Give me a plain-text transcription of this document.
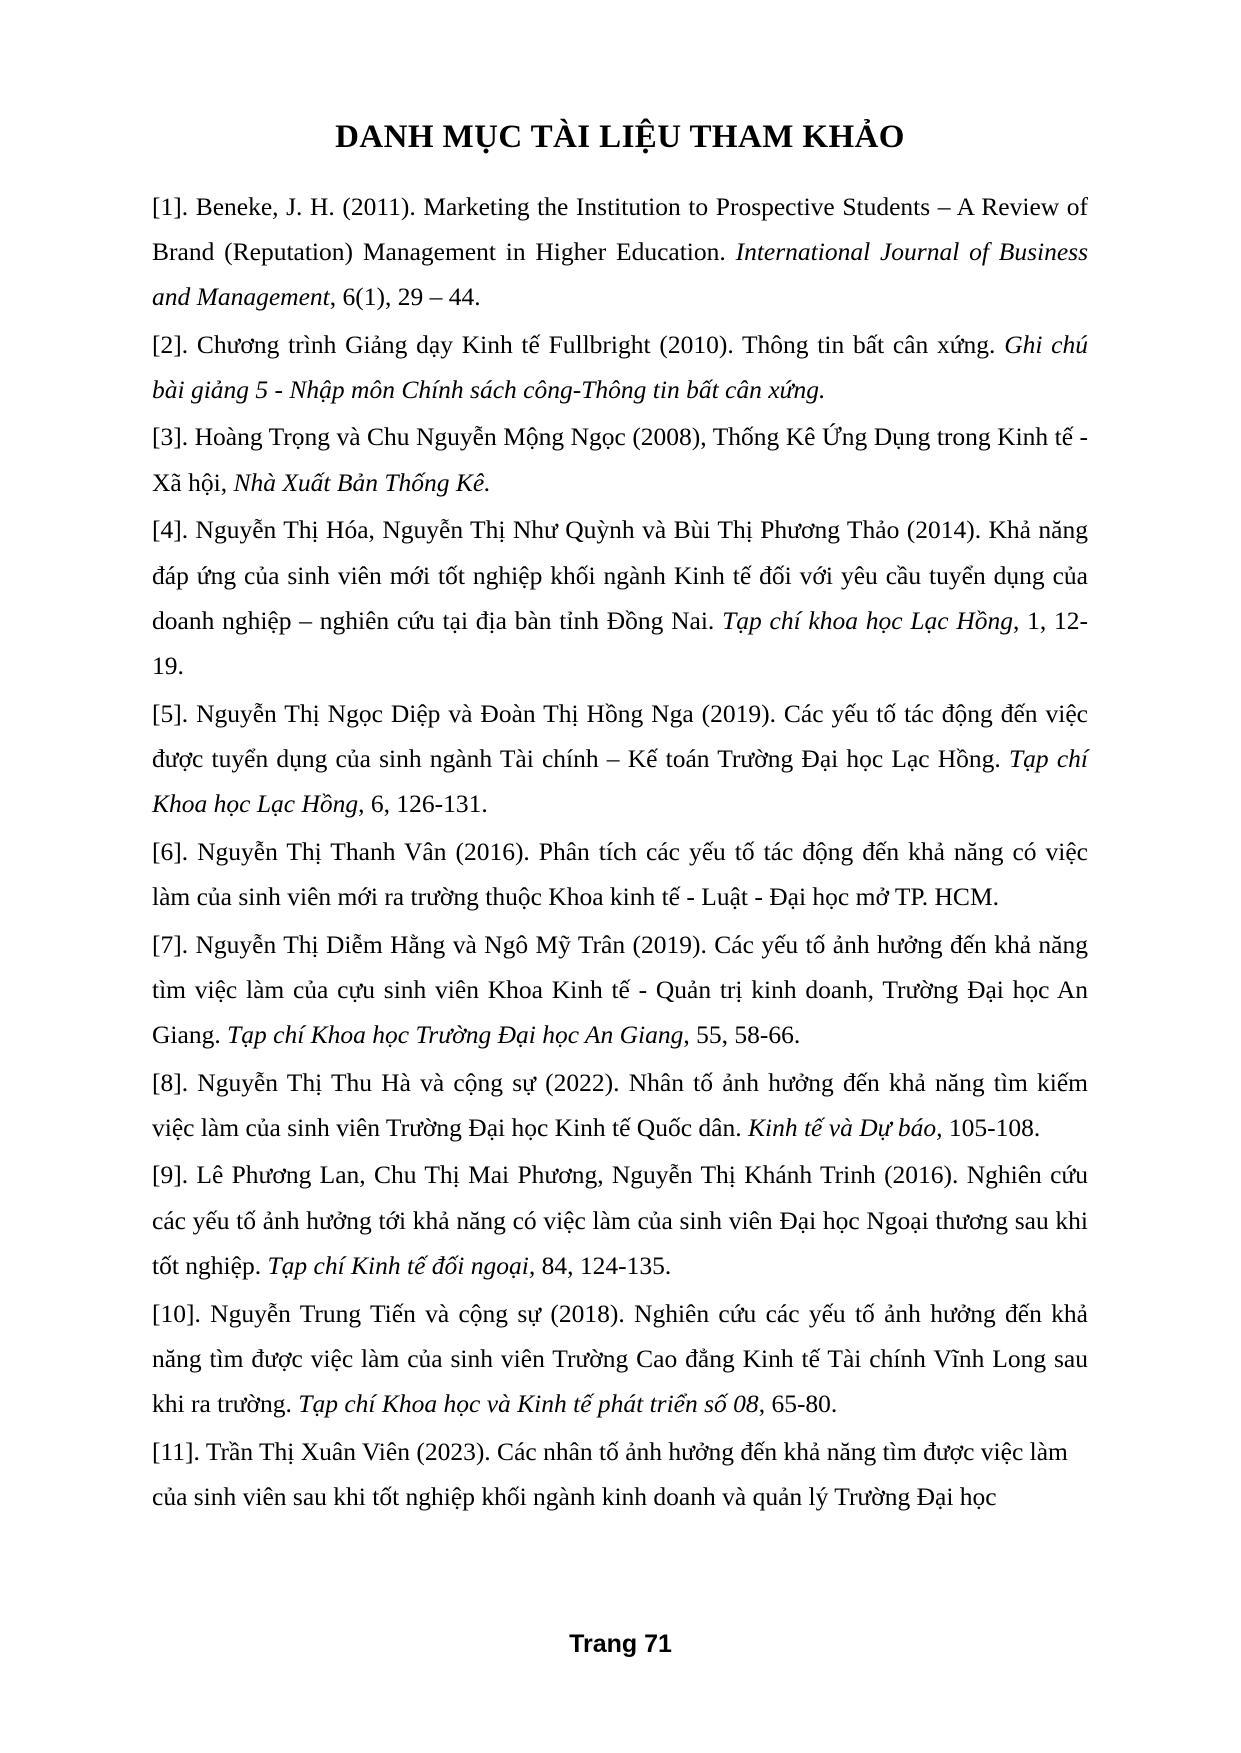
DANH MỤC TÀI LIỆU THAM KHẢO

[1]. Beneke, J. H. (2011). Marketing the Institution to Prospective Students – A Review of Brand (Reputation) Management in Higher Education. International Journal of Business and Management, 6(1), 29 – 44.

[2]. Chương trình Giảng dạy Kinh tế Fullbright (2010). Thông tin bất cân xứng. Ghi chú bài giảng 5 - Nhập môn Chính sách công-Thông tin bất cân xứng.

[3]. Hoàng Trọng và Chu Nguyễn Mộng Ngọc (2008), Thống Kê Ứng Dụng trong Kinh tế - Xã hội, Nhà Xuất Bản Thống Kê.

[4]. Nguyễn Thị Hóa, Nguyễn Thị Như Quỳnh và Bùi Thị Phương Thảo (2014). Khả năng đáp ứng của sinh viên mới tốt nghiệp khối ngành Kinh tế đối với yêu cầu tuyển dụng của doanh nghiệp – nghiên cứu tại địa bàn tỉnh Đồng Nai. Tạp chí khoa học Lạc Hồng, 1, 12-19.

[5]. Nguyễn Thị Ngọc Diệp và Đoàn Thị Hồng Nga (2019). Các yếu tố tác động đến việc được tuyển dụng của sinh ngành Tài chính – Kế toán Trường Đại học Lạc Hồng. Tạp chí Khoa học Lạc Hồng, 6, 126-131.

[6]. Nguyễn Thị Thanh Vân (2016). Phân tích các yếu tố tác động đến khả năng có việc làm của sinh viên mới ra trường thuộc Khoa kinh tế - Luật - Đại học mở TP. HCM.

[7]. Nguyễn Thị Diễm Hằng và Ngô Mỹ Trân (2019). Các yếu tố ảnh hưởng đến khả năng tìm việc làm của cựu sinh viên Khoa Kinh tế - Quản trị kinh doanh, Trường Đại học An Giang. Tạp chí Khoa học Trường Đại học An Giang, 55, 58-66.

[8]. Nguyễn Thị Thu Hà và cộng sự (2022). Nhân tố ảnh hưởng đến khả năng tìm kiếm việc làm của sinh viên Trường Đại học Kinh tế Quốc dân. Kinh tế và Dự báo, 105-108.

[9]. Lê Phương Lan, Chu Thị Mai Phương, Nguyễn Thị Khánh Trinh (2016). Nghiên cứu các yếu tố ảnh hưởng tới khả năng có việc làm của sinh viên Đại học Ngoại thương sau khi tốt nghiệp. Tạp chí Kinh tế đối ngoại, 84, 124-135.

[10]. Nguyễn Trung Tiến và cộng sự (2018). Nghiên cứu các yếu tố ảnh hưởng đến khả năng tìm được việc làm của sinh viên Trường Cao đẳng Kinh tế Tài chính Vĩnh Long sau khi ra trường. Tạp chí Khoa học và Kinh tế phát triển số 08, 65-80.

[11]. Trần Thị Xuân Viên (2023). Các nhân tố ảnh hưởng đến khả năng tìm được việc làm của sinh viên sau khi tốt nghiệp khối ngành kinh doanh và quản lý Trường Đại học

Trang 71
